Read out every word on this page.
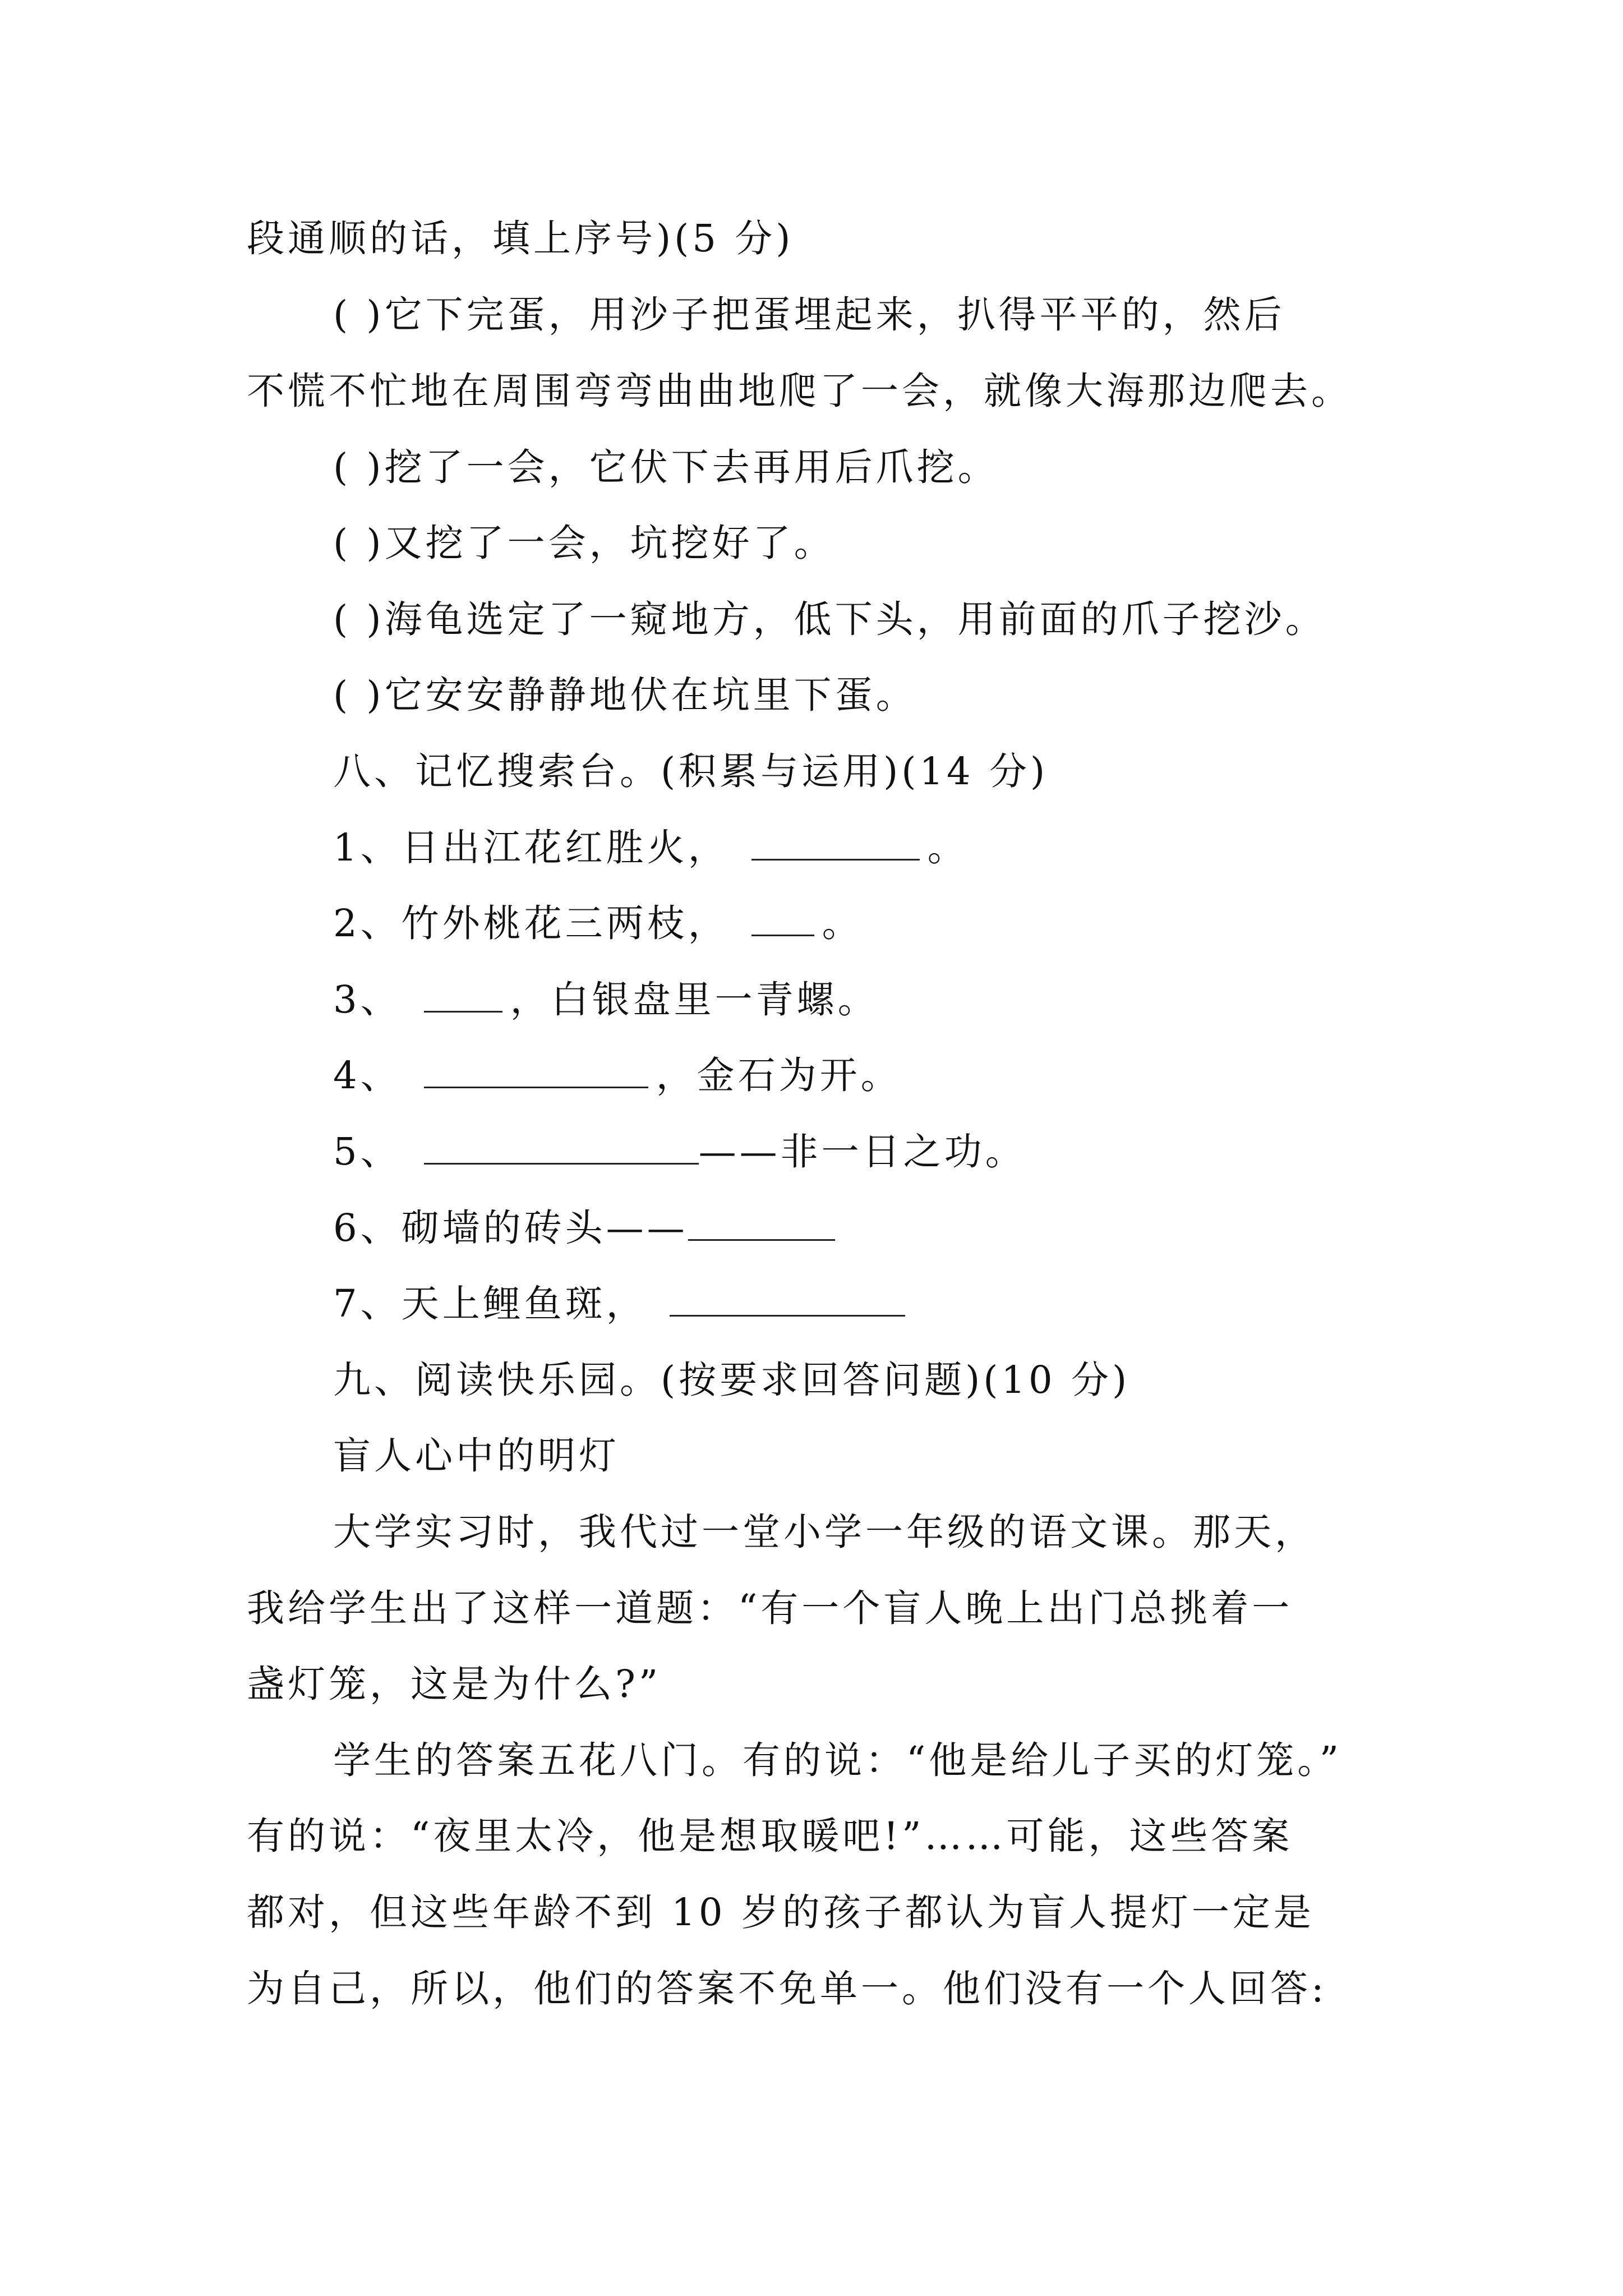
段通顺的话，填上序号)(5 分)
( )它下完蛋，用沙子把蛋埋起来，扒得平平的，然后
不慌不忙地在周围弯弯曲曲地爬了一会，就像大海那边爬去。
( )挖了一会，它伏下去再用后爪挖。
( )又挖了一会，坑挖好了。
( )海龟选定了一窥地方，低下头，用前面的爪子挖沙。
( )它安安静静地伏在坑里下蛋。
八、记忆搜索台。(积累与运用)(14 分)
1、日出江花红胜火，	。
2、竹外桃花三两枝， 。
3、	，白银盘里一青螺。
4、	，金石为开。
5、	——非一日之功。
6、砌墙的砖头——
7、天上鲤鱼斑，
九、阅读快乐园。(按要求回答问题)(10 分)
盲人心中的明灯
大学实习时，我代过一堂小学一年级的语文课。那天，
我给学生出了这样一道题：“有一个盲人晚上出门总挑着一
盏灯笼，这是为什么?”
学生的答案五花八门。有的说：“他是给儿子买的灯笼。”
有的说：“夜里太冷，他是想取暖吧!”……可能，这些答案
都对，但这些年龄不到 10 岁的孩子都认为盲人提灯一定是
为自己，所以，他们的答案不免单一。他们没有一个人回答:
